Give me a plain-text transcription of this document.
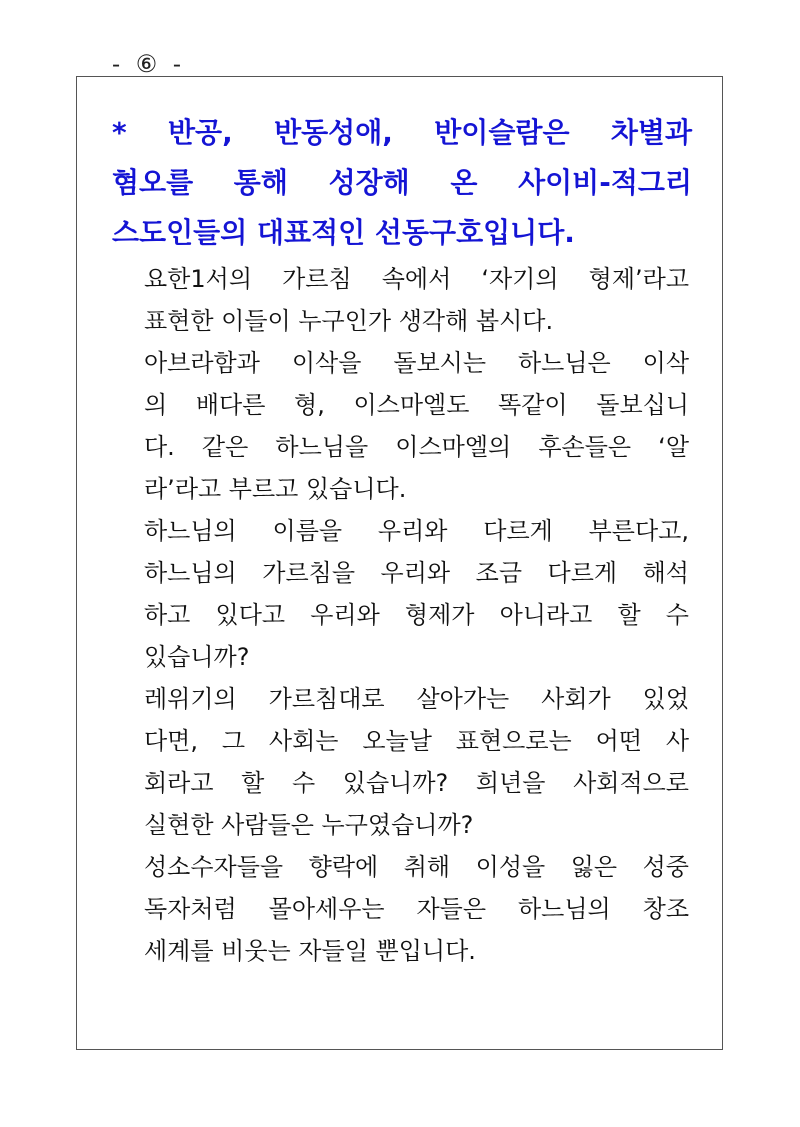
- ⑥ -
* 반공, 반동성애, 반이슬람은 차별과
혐오를 통해 성장해 온 사이비-적그리
스도인들의 대표적인 선동구호입니다.

요한1서의 가르침 속에서 ‘자기의 형제’라고
표현한 이들이 누구인가 생각해 봅시다.

아브라함과 이삭을 돌보시는 하느님은 이삭
의 배다른 형, 이스마엘도 똑같이 돌보십니
다. 같은 하느님을 이스마엘의 후손들은 ‘알
라’라고 부르고 있습니다.

하느님의 이름을 우리와 다르게 부른다고,
하느님의 가르침을 우리와 조금 다르게 해석
하고 있다고 우리와 형제가 아니라고 할 수
있습니까?

레위기의 가르침대로 살아가는 사회가 있었
다면, 그 사회는 오늘날 표현으로는 어떤 사
회라고 할 수 있습니까? 희년을 사회적으로
실현한 사람들은 누구였습니까?

성소수자들을 향락에 취해 이성을 잃은 성중
독자처럼 몰아세우는 자들은 하느님의 창조
세계를 비웃는 자들일 뿐입니다.
